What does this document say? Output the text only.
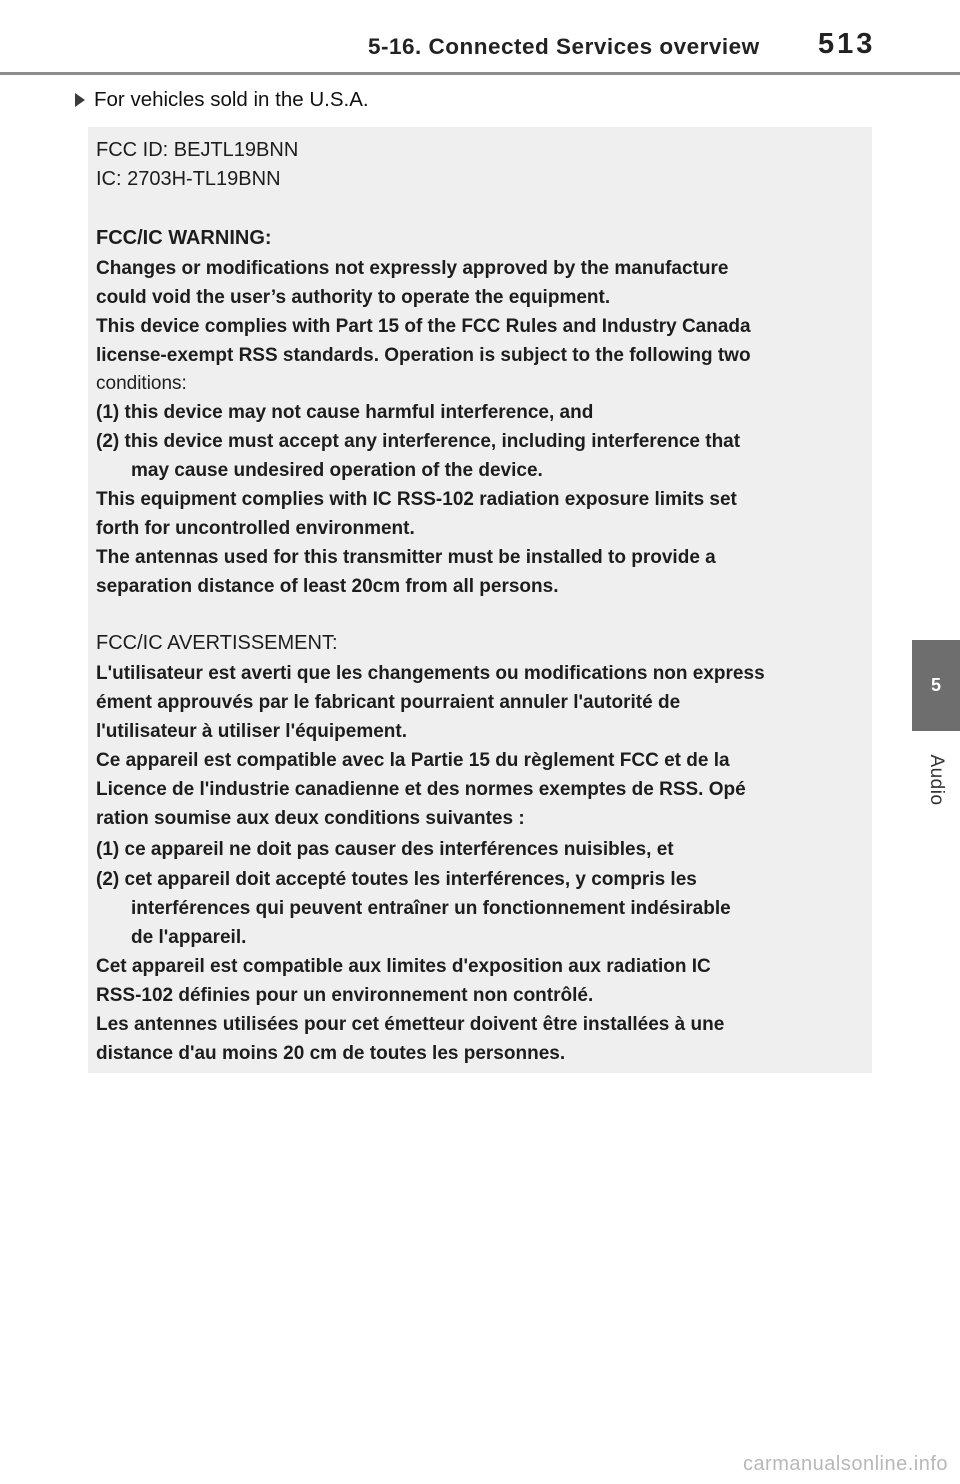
5-16. Connected Services overview 513
5
Audio
For vehicles sold in the U.S.A.
FCC ID: BEJTL19BNN
IC: 2703H-TL19BNN
FCC/IC WARNING:
Changes or modifications not expressly approved by the manufacture
could void the user’s authority to operate the equipment.
This device complies with Part 15 of the FCC Rules and Industry Canada
license-exempt RSS standards. Operation is subject to the following two
conditions:
(1) this device may not cause harmful interference, and
(2) this device must accept any interference, including interference that
may cause undesired operation of the device.
This equipment complies with IC RSS-102 radiation exposure limits set
forth for uncontrolled environment.
The antennas used for this transmitter must be installed to provide a
separation distance of least 20cm from all persons.
FCC/IC AVERTISSEMENT:
L'utilisateur est averti que les changements ou modifications non express
ément approuvés par le fabricant pourraient annuler l'autorité de
l'utilisateur à utiliser l'équipement.
Ce appareil est compatible avec la Partie 15 du règlement FCC et de la
Licence de l'industrie canadienne et des normes exemptes de RSS. Opé
ration soumise aux deux conditions suivantes :
(1) ce appareil ne doit pas causer des interférences nuisibles, et
(2) cet appareil doit accepté toutes les interférences, y compris les
interférences qui peuvent entraîner un fonctionnement indésirable
de l'appareil.
Cet appareil est compatible aux limites d'exposition aux radiation IC
RSS-102 définies pour un environnement non contrôlé.
Les antennes utilisées pour cet émetteur doivent être installées à une
distance d'au moins 20 cm de toutes les personnes.
carmanualsonline.info
